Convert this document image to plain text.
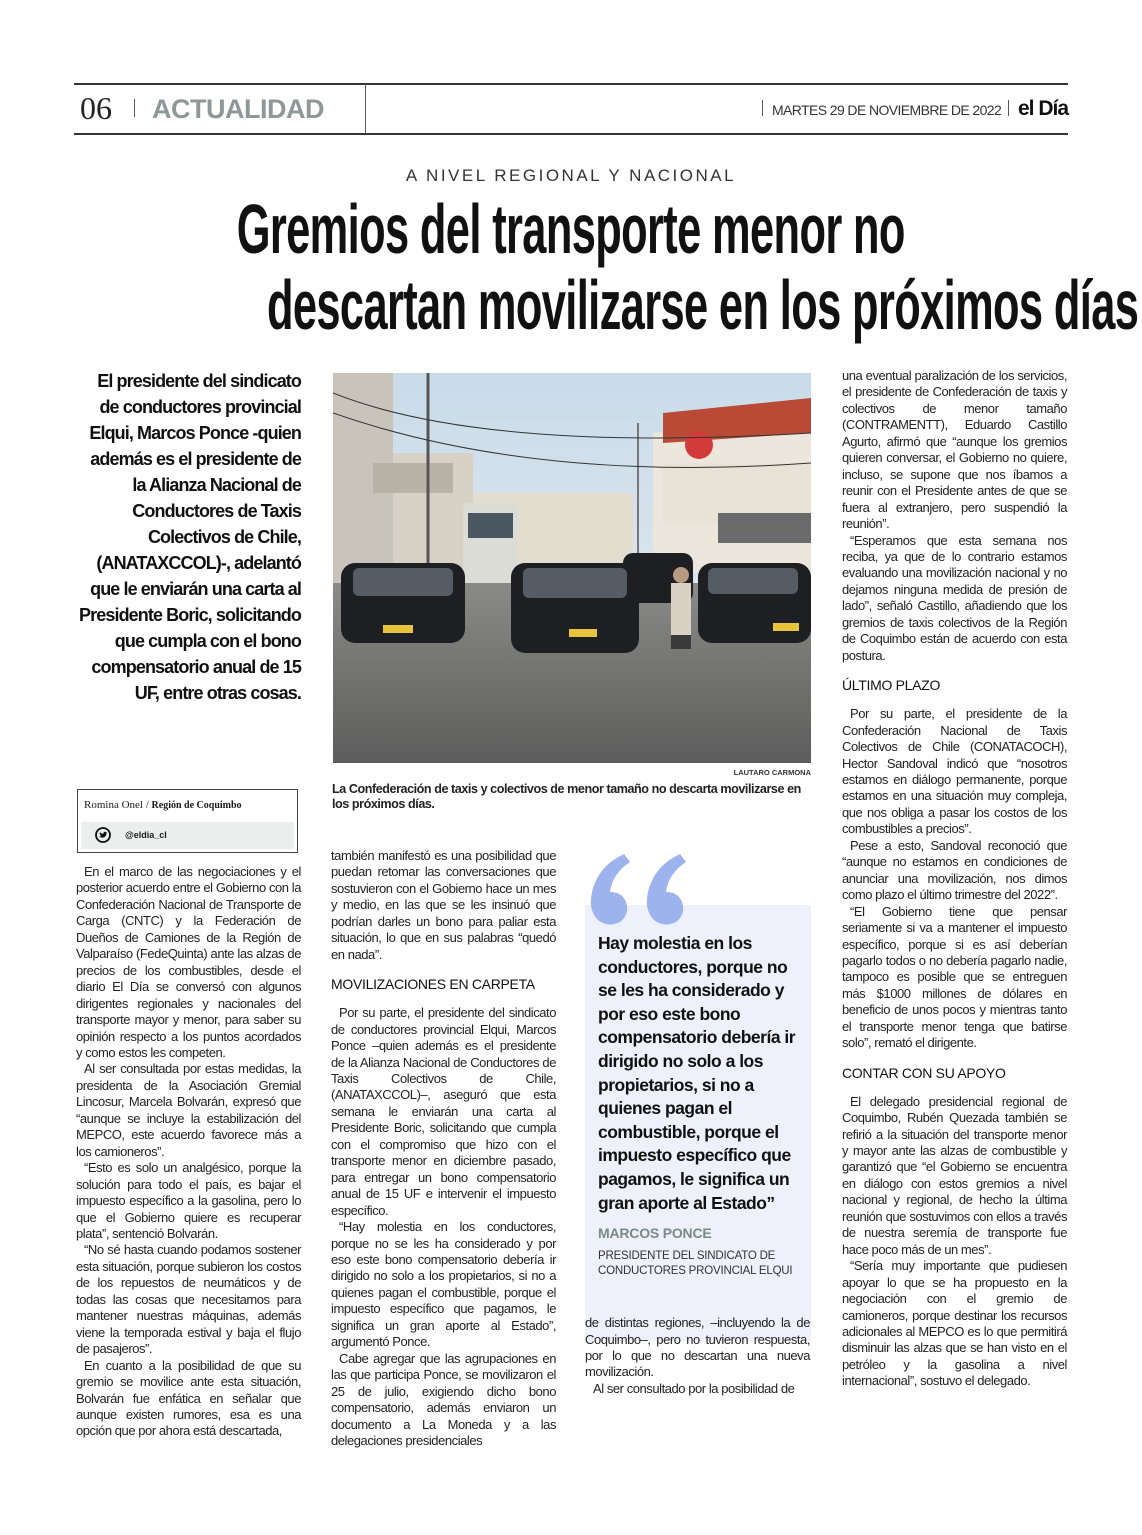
06 ACTUALIDAD	MARTES 29 DE NOVIEMBRE DE 2022 el Día
A NIVEL REGIONAL Y NACIONAL
Gremios del transporte menor no
descartan movilizarse en los próximos días
El presidente del sindicato de conductores provincial Elqui, Marcos Ponce -quien además es el presidente de la Alianza Nacional de Conductores de Taxis Colectivos de Chile, (ANATAXCCOL)-, adelantó que le enviarán una carta al Presidente Boric, solicitando que cumpla con el bono compensatorio anual de 15 UF, entre otras cosas.
LAUTARO CARMONA
La Confederación de taxis y colectivos de menor tamaño no descarta movilizarse en los próximos días.
Romina Onel / Región de Coquimbo
@eldia_cl
Hay molestia en los conductores, porque no se les ha considerado y por eso este bono compensatorio debería ir dirigido no solo a los propietarios, si no a quienes pagan el combustible, porque el impuesto específico que pagamos, le significa un gran aporte al Estado”
MARCOS PONCE
PRESIDENTE DEL SINDICATO DE CONDUCTORES PROVINCIAL ELQUI

de distintas regiones, –incluyendo la de Coquimbo–, pero no tuvieron respuesta, por lo que no descartan una nueva movilización.

Al ser consultado por la posibilidad de

En el marco de las negociaciones y el posterior acuerdo entre el Gobierno con la Confederación Nacional de Transporte de Carga (CNTC) y la Federación de Dueños de Camiones de la Región de Valparaíso (FedeQuinta) ante las alzas de precios de los combustibles, desde el diario El Día se conversó con algunos dirigentes regionales y nacionales del transporte mayor y menor, para saber su opinión respecto a los puntos acordados y como estos les competen.

Al ser consultada por estas medidas, la presidenta de la Asociación Gremial Lincosur, Marcela Bolvarán, expresó que “aunque se incluye la estabilización del MEPCO, este acuerdo favorece más a los camioneros”.

“Esto es solo un analgésico, porque la solución para todo el país, es bajar el impuesto específico a la gasolina, pero lo que el Gobierno quiere es recuperar plata”, sentenció Bolvarán.

“No sé hasta cuando podamos sostener esta situación, porque subieron los costos de los repuestos de neumáticos y de todas las cosas que necesitamos para mantener nuestras máquinas, además viene la temporada estival y baja el flujo de pasajeros”.

En cuanto a la posibilidad de que su gremio se movilice ante esta situación, Bolvarán fue enfática en señalar que aunque existen rumores, esa es una opción que por ahora está descartada,

también manifestó es una posibilidad que puedan retomar las conversaciones que sostuvieron con el Gobierno hace un mes y medio, en las que se les insinuó que podrían darles un bono para paliar esta situación, lo que en sus palabras “quedó en nada”.

MOVILIZACIONES EN CARPETA

Por su parte, el presidente del sindicato de conductores provincial Elqui, Marcos Ponce –quien además es el presidente de la Alianza Nacional de Conductores de Taxis Colectivos de Chile, (ANATAXCCOL)–, aseguró que esta semana le enviarán una carta al Presidente Boric, solicitando que cumpla con el compromiso que hizo con el transporte menor en diciembre pasado, para entregar un bono compensatorio anual de 15 UF e intervenir el impuesto específico.

“Hay molestia en los conductores, porque no se les ha considerado y por eso este bono compensatorio debería ir dirigido no solo a los propietarios, si no a quienes pagan el combustible, porque el impuesto específico que pagamos, le significa un gran aporte al Estado”, argumentó Ponce.

Cabe agregar que las agrupaciones en las que participa Ponce, se movilizaron el 25 de julio, exigiendo dicho bono compensatorio, además enviaron un documento a La Moneda y a las delegaciones presidenciales

una eventual paralización de los servicios, el presidente de Confederación de taxis y colectivos de menor tamaño (CONTRAMENTT), Eduardo Castillo Agurto, afirmó que “aunque los gremios quieren conversar, el Gobierno no quiere, incluso, se supone que nos íbamos a reunir con el Presidente antes de que se fuera al extranjero, pero suspendió la reunión”.

“Esperamos que esta semana nos reciba, ya que de lo contrario estamos evaluando una movilización nacional y no dejamos ninguna medida de presión de lado”, señaló Castillo, añadiendo que los gremios de taxis colectivos de la Región de Coquimbo están de acuerdo con esta postura.

ÚLTIMO PLAZO

Por su parte, el presidente de la Confederación Nacional de Taxis Colectivos de Chile (CONATACOCH), Hector Sandoval indicó que “nosotros estamos en diálogo permanente, porque estamos en una situación muy compleja, que nos obliga a pasar los costos de los combustibles a precios”.

Pese a esto, Sandoval reconoció que “aunque no estamos en condiciones de anunciar una movilización, nos dimos como plazo el último trimestre del 2022”.

“El Gobierno tiene que pensar seriamente si va a mantener el impuesto específico, porque si es así deberían pagarlo todos o no debería pagarlo nadie, tampoco es posible que se entreguen más $1000 millones de dólares en beneficio de unos pocos y mientras tanto el transporte menor tenga que batirse solo”, remató el dirigente.

CONTAR CON SU APOYO

El delegado presidencial regional de Coquimbo, Rubén Quezada también se refirió a la situación del transporte menor y mayor ante las alzas de combustible y garantizó que “el Gobierno se encuentra en diálogo con estos gremios a nivel nacional y regional, de hecho la última reunión que sostuvimos con ellos a través de nuestra seremía de transporte fue hace poco más de un mes”.

“Sería muy importante que pudiesen apoyar lo que se ha propuesto en la negociación con el gremio de camioneros, porque destinar los recursos adicionales al MEPCO es lo que permitirá disminuir las alzas que se han visto en el petróleo y la gasolina a nivel internacional”, sostuvo el delegado.
